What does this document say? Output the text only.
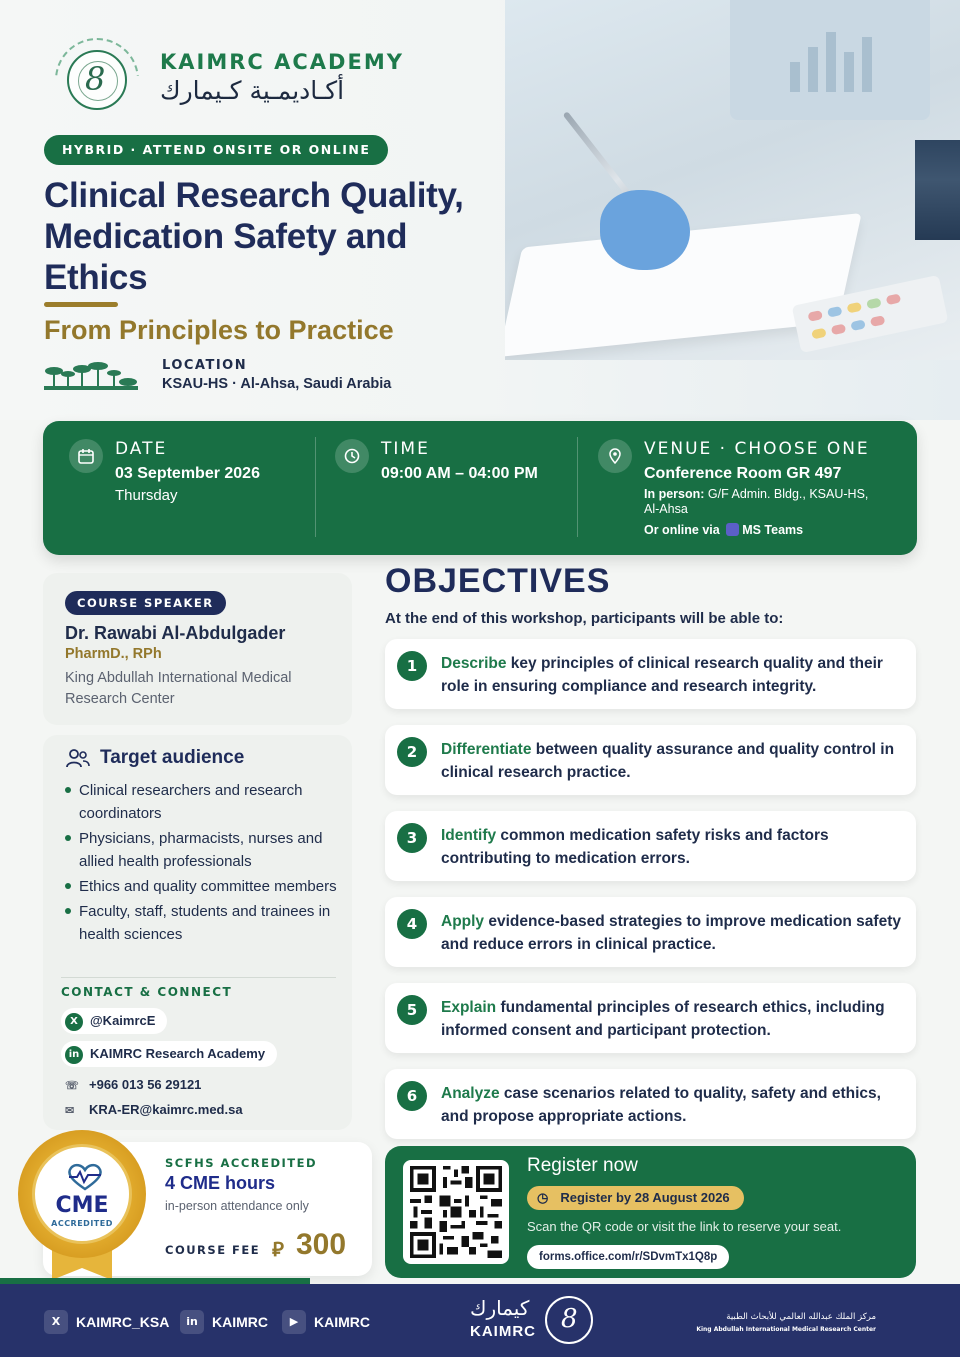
8	KAIMRC ACADEMY
أكـاديمـية كـيمارك
HYBRID · ATTEND ONSITE OR ONLINE
Clinical Research Quality, Medication Safety and Ethics
From Principles to Practice
LOCATION
KSAU-HS · Al-Ahsa, Saudi Arabia
DATE
03 September 2026
Thursday
TIME
09:00 AM – 04:00 PM
VENUE · CHOOSE ONE
Conference Room GR 497
In person: G/F Admin. Bldg., KSAU-HS, Al-Ahsa
Or online via MS Teams
COURSE SPEAKER
Dr. Rawabi Al-Abdulgader
PharmD., RPh
King Abdullah International Medical Research Center
Target audience
Clinical researchers and research coordinators
Physicians, pharmacists, nurses and allied health professionals
Ethics and quality committee members
Faculty, staff, students and trainees in health sciences
CONTACT & CONNECT
X @KaimrcE
in KAIMRC Research Academy
☏ +966 013 56 29121
✉ KRA-ER@kaimrc.med.sa
CME
ACCREDITED
SCFHS ACCREDITED
4 CME hours
in-person attendance only
COURSE FEE ⃁ 300
OBJECTIVES
At the end of this workshop, participants will be able to:
1	Describe key principles of clinical research quality and their role in ensuring compliance and research integrity.
2	Differentiate between quality assurance and quality control in clinical research practice.
3	Identify common medication safety risks and factors contributing to medication errors.
4	Apply evidence-based strategies to improve medication safety and reduce errors in clinical practice.
5	Explain fundamental principles of research ethics, including informed consent and participant protection.
6	Analyze case scenarios related to quality, safety and ethics, and propose appropriate actions.
Register now
◷ Register by 28 August 2026
Scan the QR code or visit the link to reserve your seat.
forms.office.com/r/SDvmTx1Q8p
X KAIMRC_KSA	in KAIMRC	▶ KAIMRC
كيمارك
KAIMRC 8	مركز الملك عبدالله العالمي للأبحاث الطبية
King Abdullah International Medical Research Center
